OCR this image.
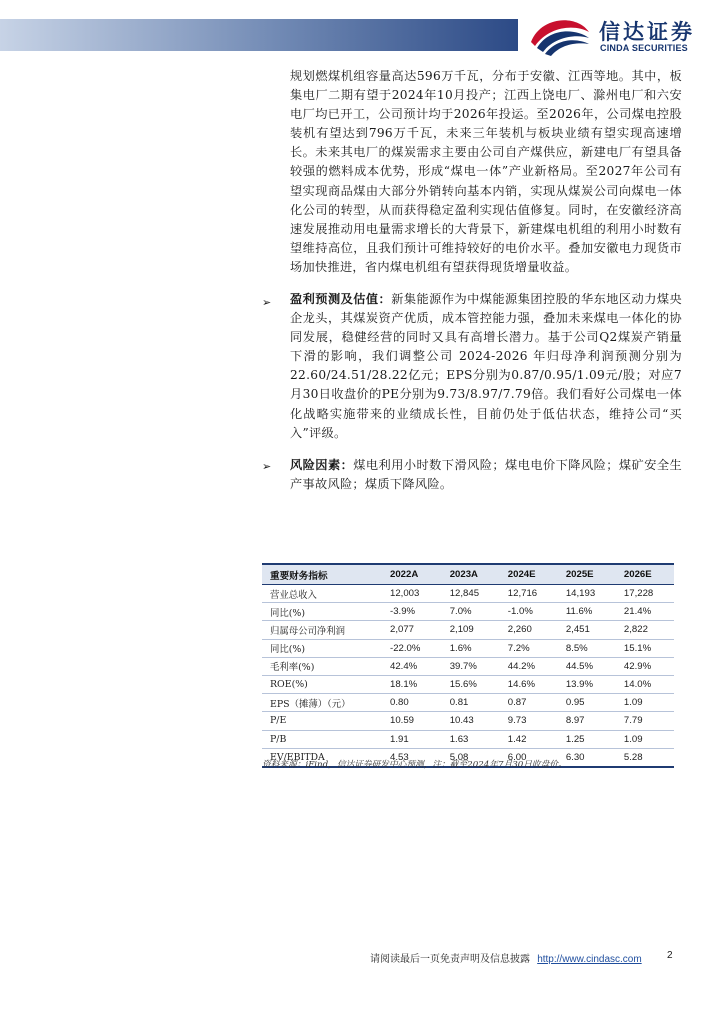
信达证券
CINDA SECURITIES

规划燃煤机组容量高达596万千瓦，分布于安徽、江西等地。其中，板集电厂二期有望于2024年10月投产；江西上饶电厂、滁州电厂和六安电厂均已开工，公司预计均于2026年投运。至2026年，公司煤电控股装机有望达到796万千瓦，未来三年装机与板块业绩有望实现高速增长。未来其电厂的煤炭需求主要由公司自产煤供应，新建电厂有望具备较强的燃料成本优势，形成“煤电一体”产业新格局。至2027年公司有望实现商品煤由大部分外销转向基本内销，实现从煤炭公司向煤电一体化公司的转型，从而获得稳定盈利实现估值修复。同时，在安徽经济高速发展推动用电量需求增长的大背景下，新建煤电机组的利用小时数有望维持高位，且我们预计可维持较好的电价水平。叠加安徽电力现货市场加快推进，省内煤电机组有望获得现货增量收益。

➢ 盈利预测及估值：新集能源作为中煤能源集团控股的华东地区动力煤央企龙头，其煤炭资产优质，成本管控能力强，叠加未来煤电一体化的协同发展，稳健经营的同时又具有高增长潜力。基于公司Q2煤炭产销量下滑的影响，我们调整公司 2024-2026 年归母净利润预测分别为22.60/24.51/28.22亿元；EPS分别为0.87/0.95/1.09元/股；对应7月30日收盘价的PE分别为9.73/8.97/7.79倍。我们看好公司煤电一体化战略实施带来的业绩成长性，目前仍处于低估状态，维持公司“买入”评级。

➢ 风险因素：煤电利用小时数下滑风险；煤电电价下降风险；煤矿安全生产事故风险；煤质下降风险。

重要财务指标	2022A	2023A	2024E	2025E	2026E
营业总收入	12,003	12,845	12,716	14,193	17,228
同比(%)	-3.9%	7.0%	-1.0%	11.6%	21.4%
归属母公司净利润	2,077	2,109	2,260	2,451	2,822
同比(%)	-22.0%	1.6%	7.2%	8.5%	15.1%
毛利率(%)	42.4%	39.7%	44.2%	44.5%	42.9%
ROE(%)	18.1%	15.6%	14.6%	13.9%	14.0%
EPS（摊薄）（元）	0.80	0.81	0.87	0.95	1.09
P/E	10.59	10.43	9.73	8.97	7.79
P/B	1.91	1.63	1.42	1.25	1.09
EV/EBITDA	4.53	5.08	6.00	6.30	5.28
资料来源：iFind，信达证券研发中心预测，注：截至2024年7月30日收盘价。
请阅读最后一页免责声明及信息披露 http://www.cindasc.com	2
